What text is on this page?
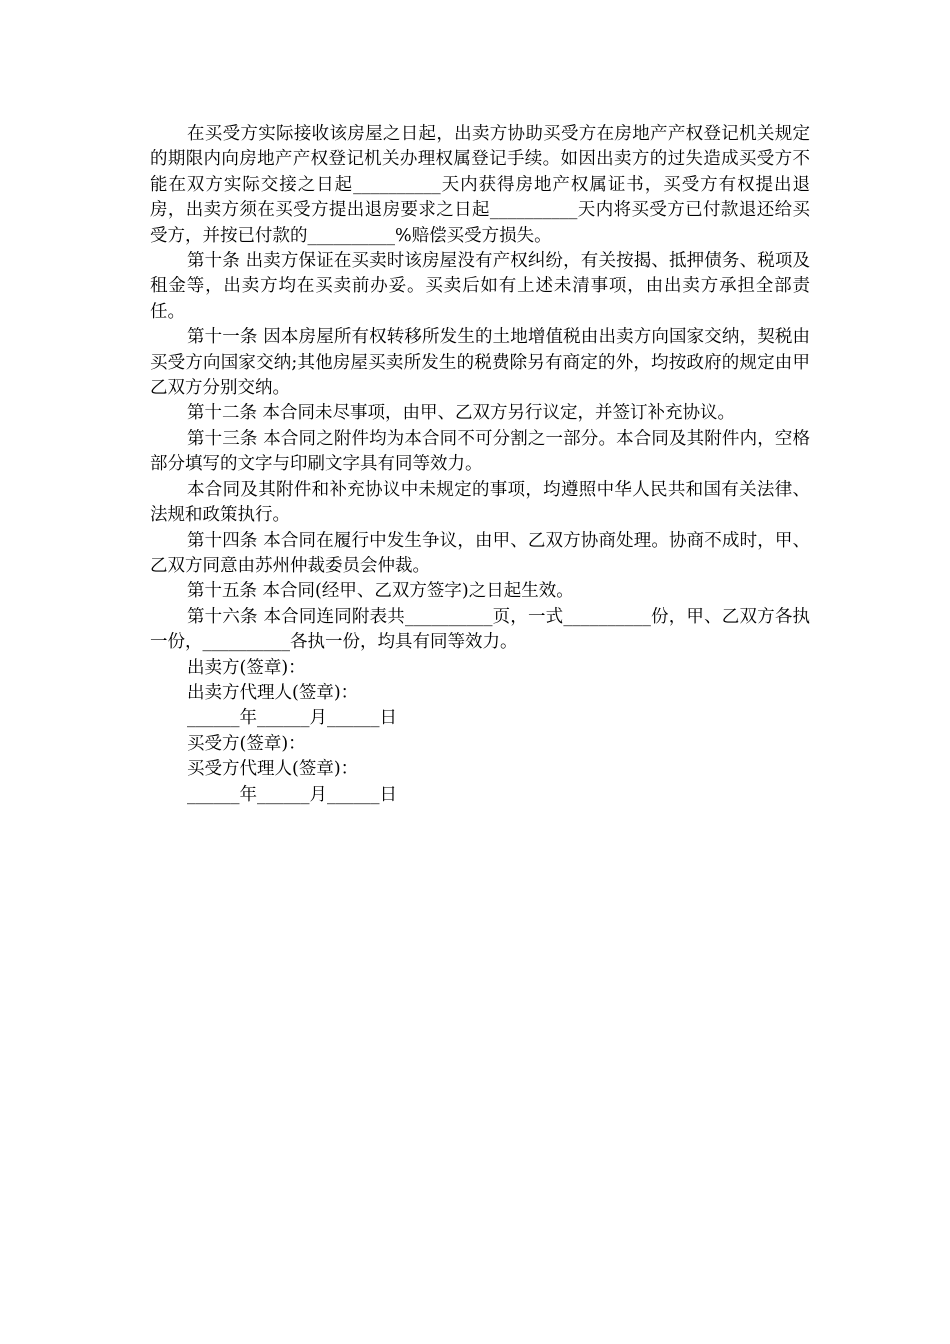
在买受方实际接收该房屋之日起，出卖方协助买受方在房地产产权登记机关规定的期限内向房地产产权登记机关办理权属登记手续。如因出卖方的过失造成买受方不能在双方实际交接之日起__________天内获得房地产权属证书，买受方有权提出退房，出卖方须在买受方提出退房要求之日起__________天内将买受方已付款退还给买受方，并按已付款的__________%赔偿买受方损失。

第十条 出卖方保证在买卖时该房屋没有产权纠纷，有关按揭、抵押债务、税项及租金等，出卖方均在买卖前办妥。买卖后如有上述未清事项，由出卖方承担全部责任。

第十一条 因本房屋所有权转移所发生的土地增值税由出卖方向国家交纳，契税由买受方向国家交纳;其他房屋买卖所发生的税费除另有商定的外，均按政府的规定由甲乙双方分别交纳。

第十二条 本合同未尽事项，由甲、乙双方另行议定，并签订补充协议。

第十三条 本合同之附件均为本合同不可分割之一部分。本合同及其附件内，空格部分填写的文字与印刷文字具有同等效力。

本合同及其附件和补充协议中未规定的事项，均遵照中华人民共和国有关法律、法规和政策执行。

第十四条 本合同在履行中发生争议，由甲、乙双方协商处理。协商不成时，甲、乙双方同意由苏州仲裁委员会仲裁。

第十五条 本合同(经甲、乙双方签字)之日起生效。

第十六条 本合同连同附表共__________页，一式__________份，甲、乙双方各执一份，__________各执一份，均具有同等效力。

出卖方(签章)：

出卖方代理人(签章)：

______年______月______日

买受方(签章)：

买受方代理人(签章)：

______年______月______日
